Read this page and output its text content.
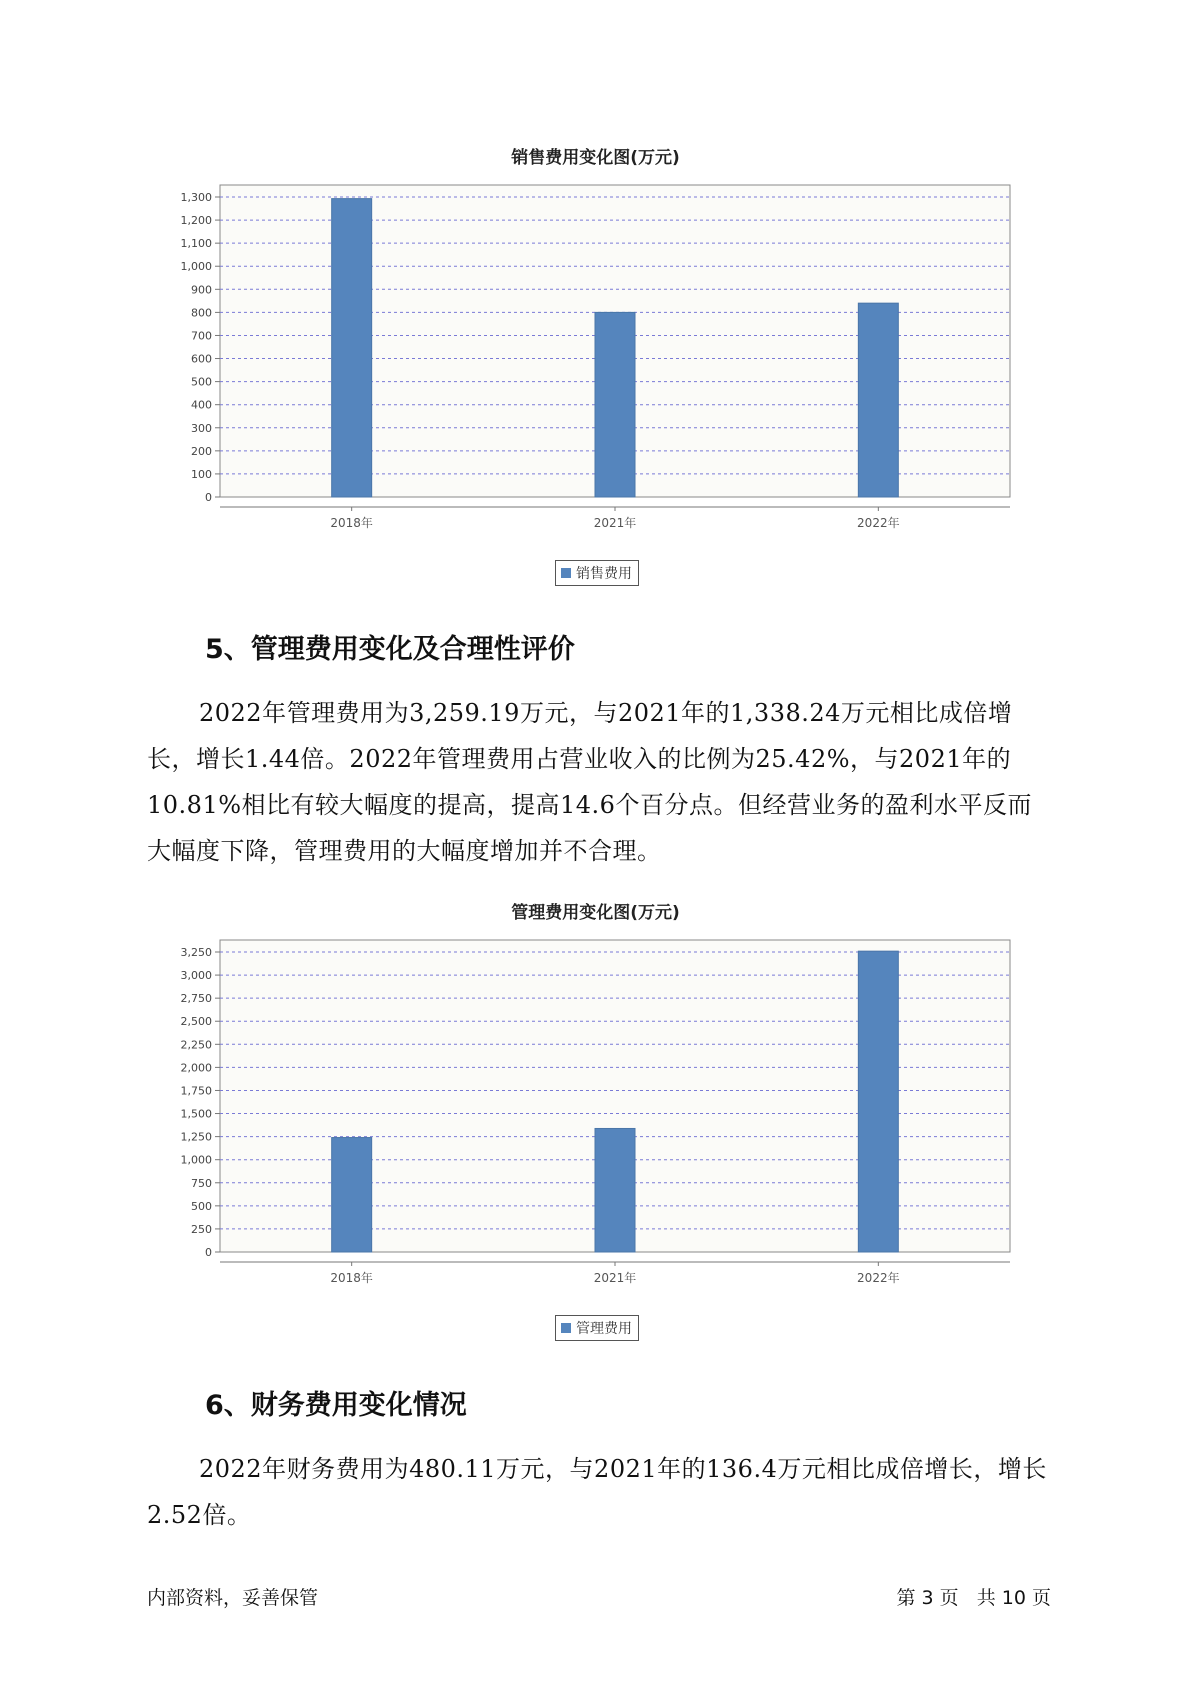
销售费用变化图(万元)
0
100
200
300
400
500
600
700
800
900
1,000
1,100
1,200
1,300
2018年	2021年	2022年
销售费用
5、管理费用变化及合理性评价

2022年管理费用为3,259.19万元，与2021年的1,338.24万元相比成倍增长，增长1.44倍。2022年管理费用占营业收入的比例为25.42%，与2021年的10.81%相比有较大幅度的提高，提高14.6个百分点。但经营业务的盈利水平反而大幅度下降，管理费用的大幅度增加并不合理。

管理费用变化图(万元)
0
250
500
750
1,000
1,250
1,500
1,750
2,000
2,250
2,500
2,750
3,000
3,250
2018年	2021年	2022年
管理费用
6、财务费用变化情况

2022年财务费用为480.11万元，与2021年的136.4万元相比成倍增长，增长2.52倍。

内部资料，妥善保管	第 3 页   共 10 页
